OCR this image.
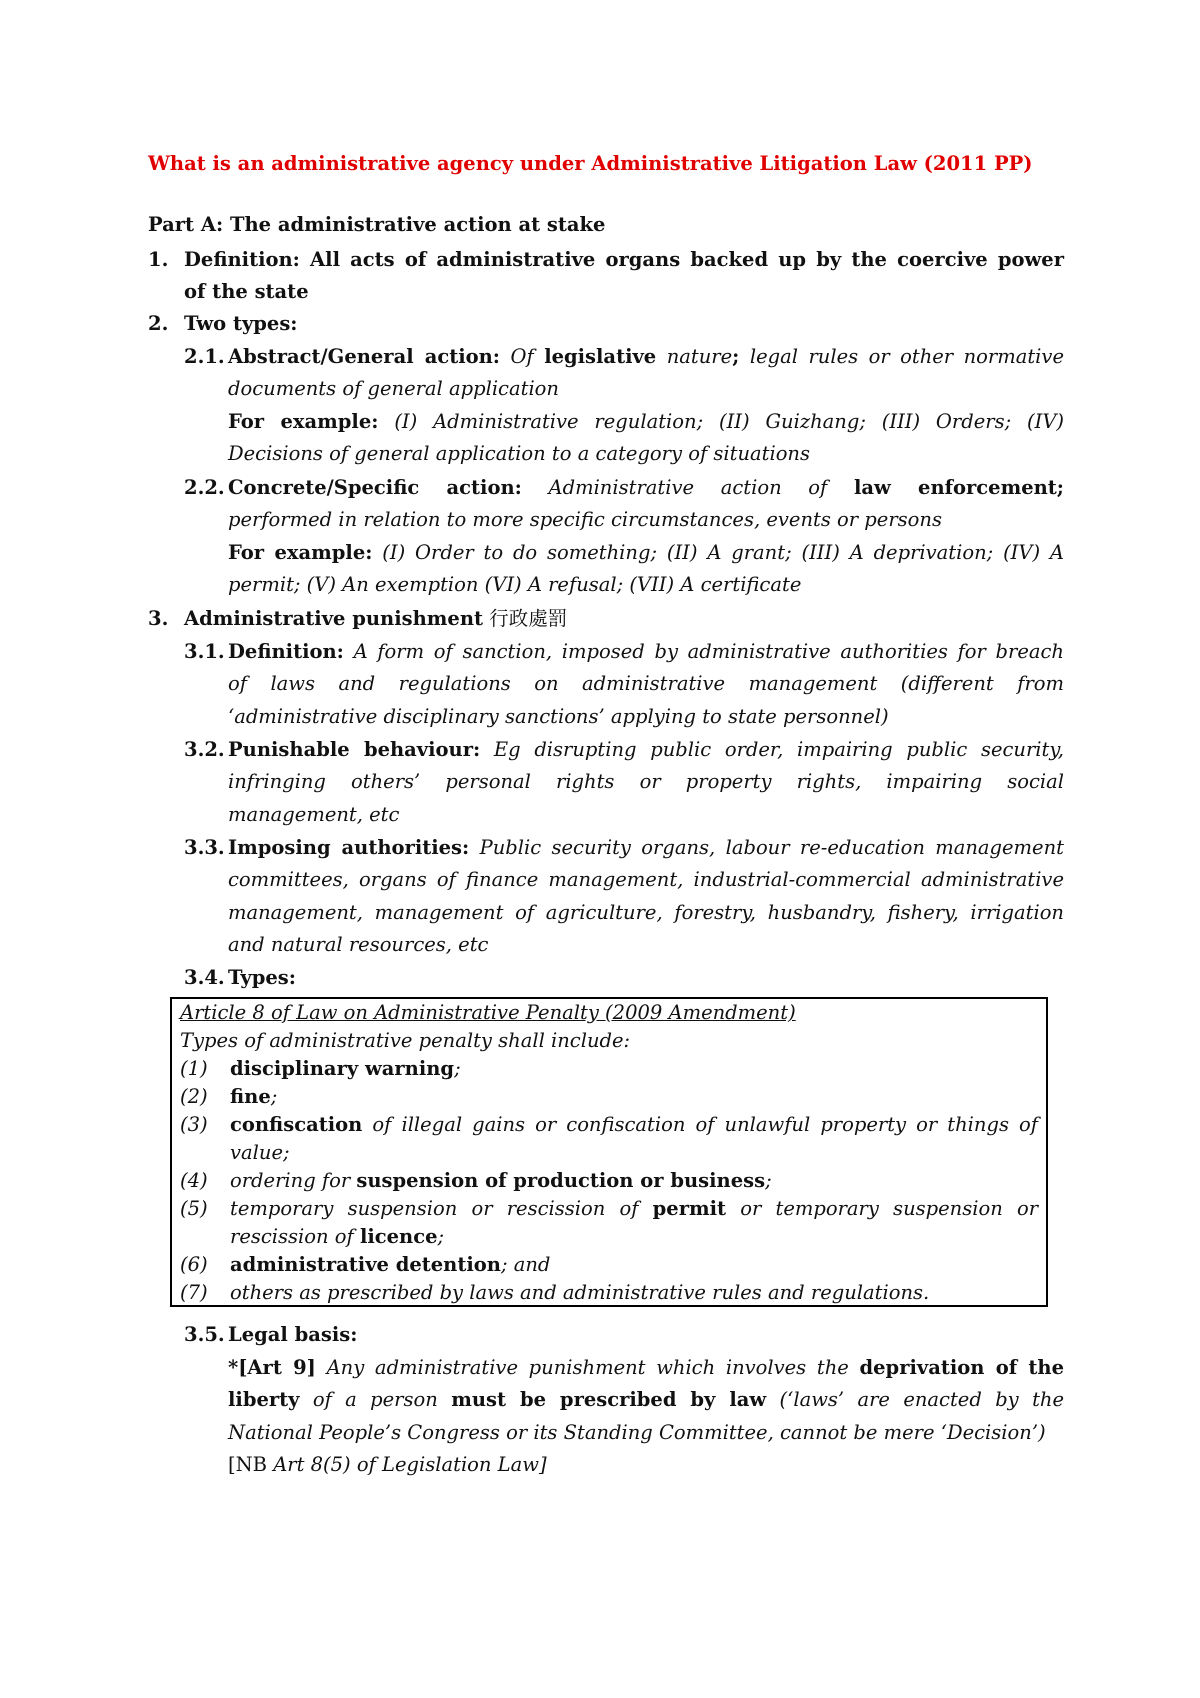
What is an administrative agency under Administrative Litigation Law (2011 PP)
Part A: The administrative action at stake
1. Definition: All acts of administrative organs backed up by the coercive power
of the state
2. Two types:
2.1. Abstract/General action: Of legislative nature; legal rules or other normative
documents of general application
For example: (I) Administrative regulation; (II) Guizhang; (III) Orders; (IV)
Decisions of general application to a category of situations
2.2. Concrete/Specific action: Administrative action of law enforcement;
performed in relation to more specific circumstances, events or persons
For example: (I) Order to do something; (II) A grant; (III) A deprivation; (IV) A
permit; (V) An exemption (VI) A refusal; (VII) A certificate
3. Administrative punishment 行政處罰
3.1. Definition: A form of sanction, imposed by administrative authorities for breach
of laws and regulations on administrative management (different from
‘administrative disciplinary sanctions’ applying to state personnel)
3.2. Punishable behaviour: Eg disrupting public order, impairing public security,
infringing others’ personal rights or property rights, impairing social
management, etc
3.3. Imposing authorities: Public security organs, labour re-education management
committees, organs of finance management, industrial-commercial administrative
management, management of agriculture, forestry, husbandry, fishery, irrigation
and natural resources, etc
3.4. Types:
Article 8 of Law on Administrative Penalty (2009 Amendment)
Types of administrative penalty shall include:
(1) disciplinary warning;
(2) fine;
(3) confiscation of illegal gains or confiscation of unlawful property or things of
value;
(4) ordering for suspension of production or business;
(5) temporary suspension or rescission of permit or temporary suspension or
rescission of licence;
(6) administrative detention; and
(7) others as prescribed by laws and administrative rules and regulations.
3.5. Legal basis:
*[Art 9] Any administrative punishment which involves the deprivation of the
liberty of a person must be prescribed by law (‘laws’ are enacted by the
National People’s Congress or its Standing Committee, cannot be mere ‘Decision’)
[NB Art 8(5) of Legislation Law]
